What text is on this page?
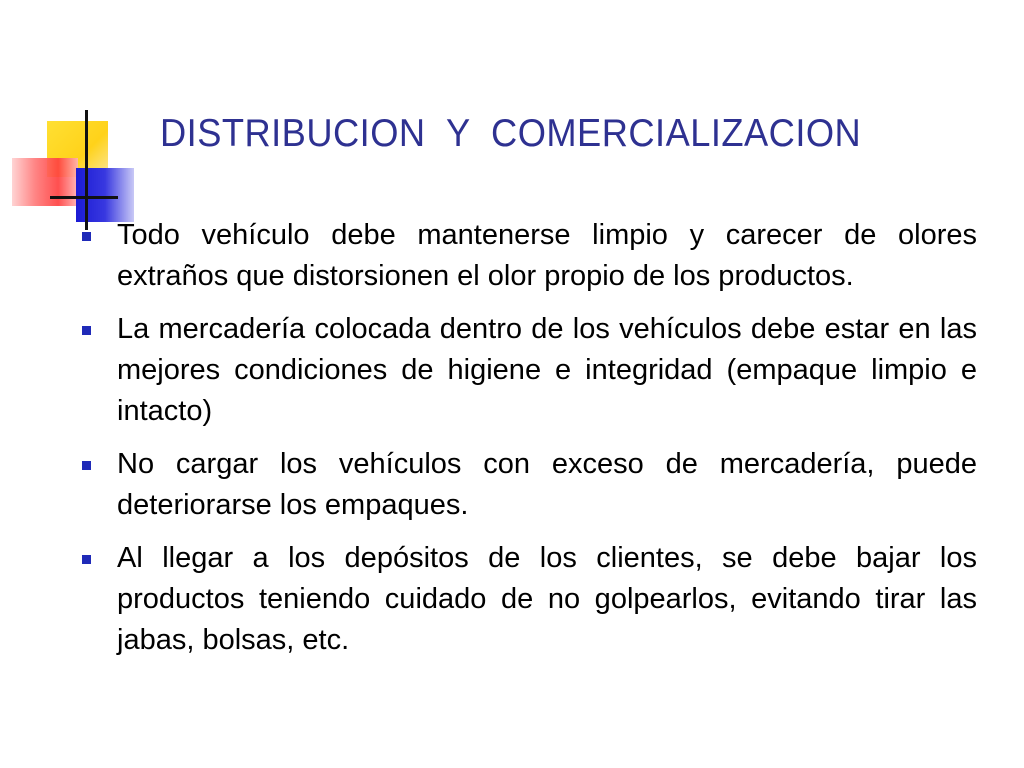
DISTRIBUCION  Y  COMERCIALIZACION
Todo vehículo debe mantenerse limpio y carecer de olores extraños que distorsionen el olor propio de los productos.
La mercadería colocada dentro de los vehículos debe estar en las mejores condiciones de higiene e integridad (empaque limpio e intacto)
No cargar los vehículos con exceso de mercadería, puede deteriorarse los empaques.
Al llegar a los depósitos de los clientes, se debe bajar los productos teniendo cuidado de no golpearlos, evitando tirar las jabas, bolsas, etc.
